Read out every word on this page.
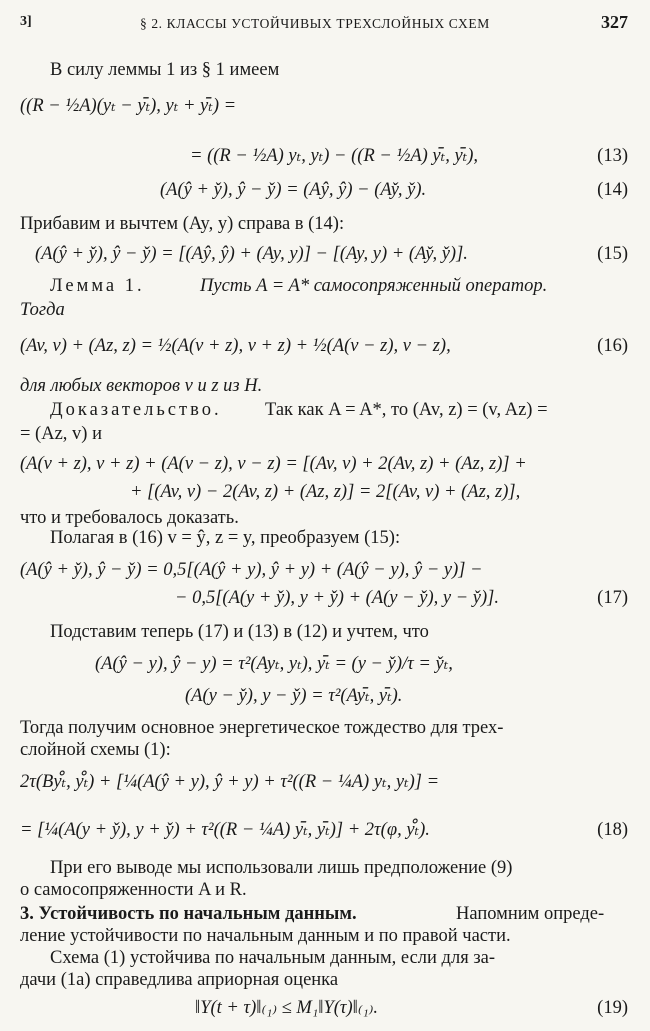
3]	§ 2. КЛАССЫ УСТОЙЧИВЫХ ТРЕХСЛОЙНЫХ СХЕМ	327
В силу леммы 1 из § 1 имеем
((R − ½A)(yₜ − yₜ̄), yₜ + yₜ̄) =
= ((R − ½A) yₜ, yₜ) − ((R − ½A) yₜ̄, yₜ̄),	(13)
(A(ŷ + y̌), ŷ − y̌) = (Aŷ, ŷ) − (Ay̌, y̌).	(14)
Прибавим и вычтем (Ay, y) справа в (14):
(A(ŷ + y̌), ŷ − y̌) = [(Aŷ, ŷ) + (Ay, y)] − [(Ay, y) + (Ay̌, y̌)].	(15)
Лемма 1.	Пусть A = A* самосопряженный оператор.
Тогда
(Av, v) + (Az, z) = ½(A(v + z), v + z) + ½(A(v − z), v − z),	(16)
для любых векторов v и z из H.
Доказательство. Так как A = A*, то (Av, z) = (v, Az) =
= (Az, v) и
(A(v + z), v + z) + (A(v − z), v − z) = [(Av, v) + 2(Av, z) + (Az, z)] +
+ [(Av, v) − 2(Av, z) + (Az, z)] = 2[(Av, v) + (Az, z)],
что и требовалось доказать.
Полагая в (16) v = ŷ, z = y, преобразуем (15):
(A(ŷ + y̌), ŷ − y̌) = 0,5[(A(ŷ + y), ŷ + y) + (A(ŷ − y), ŷ − y)] −
− 0,5[(A(y + y̌), y + y̌) + (A(y − y̌), y − y̌)].	(17)
Подставим теперь (17) и (13) в (12) и учтем, что
(A(ŷ − y), ŷ − y) = τ²(Ayₜ, yₜ), yₜ̄ = (y − y̌)/τ = y̌ₜ,
(A(y − y̌), y − y̌) = τ²(Ayₜ̄, yₜ̄).
Тогда получим основное энергетическое тождество для трех-
слойной схемы (1):
2τ(Byₜ̊, yₜ̊) + [¼(A(ŷ + y), ŷ + y) + τ²((R − ¼A) yₜ, yₜ)] =
= [¼(A(y + y̌), y + y̌) + τ²((R − ¼A) yₜ̄, yₜ̄)] + 2τ(φ, yₜ̊).	(18)
При его выводе мы использовали лишь предположение (9)
о самосопряженности A и R.
3. Устойчивость по начальным данным.	Напомним опреде-
ление устойчивости по начальным данным и по правой части.
Схема (1) устойчива по начальным данным, если для за-
дачи (1а) справедлива априорная оценка
‖Y(t + τ)‖₍₁₎ ≤ M₁‖Y(τ)‖₍₁₎.	(19)
